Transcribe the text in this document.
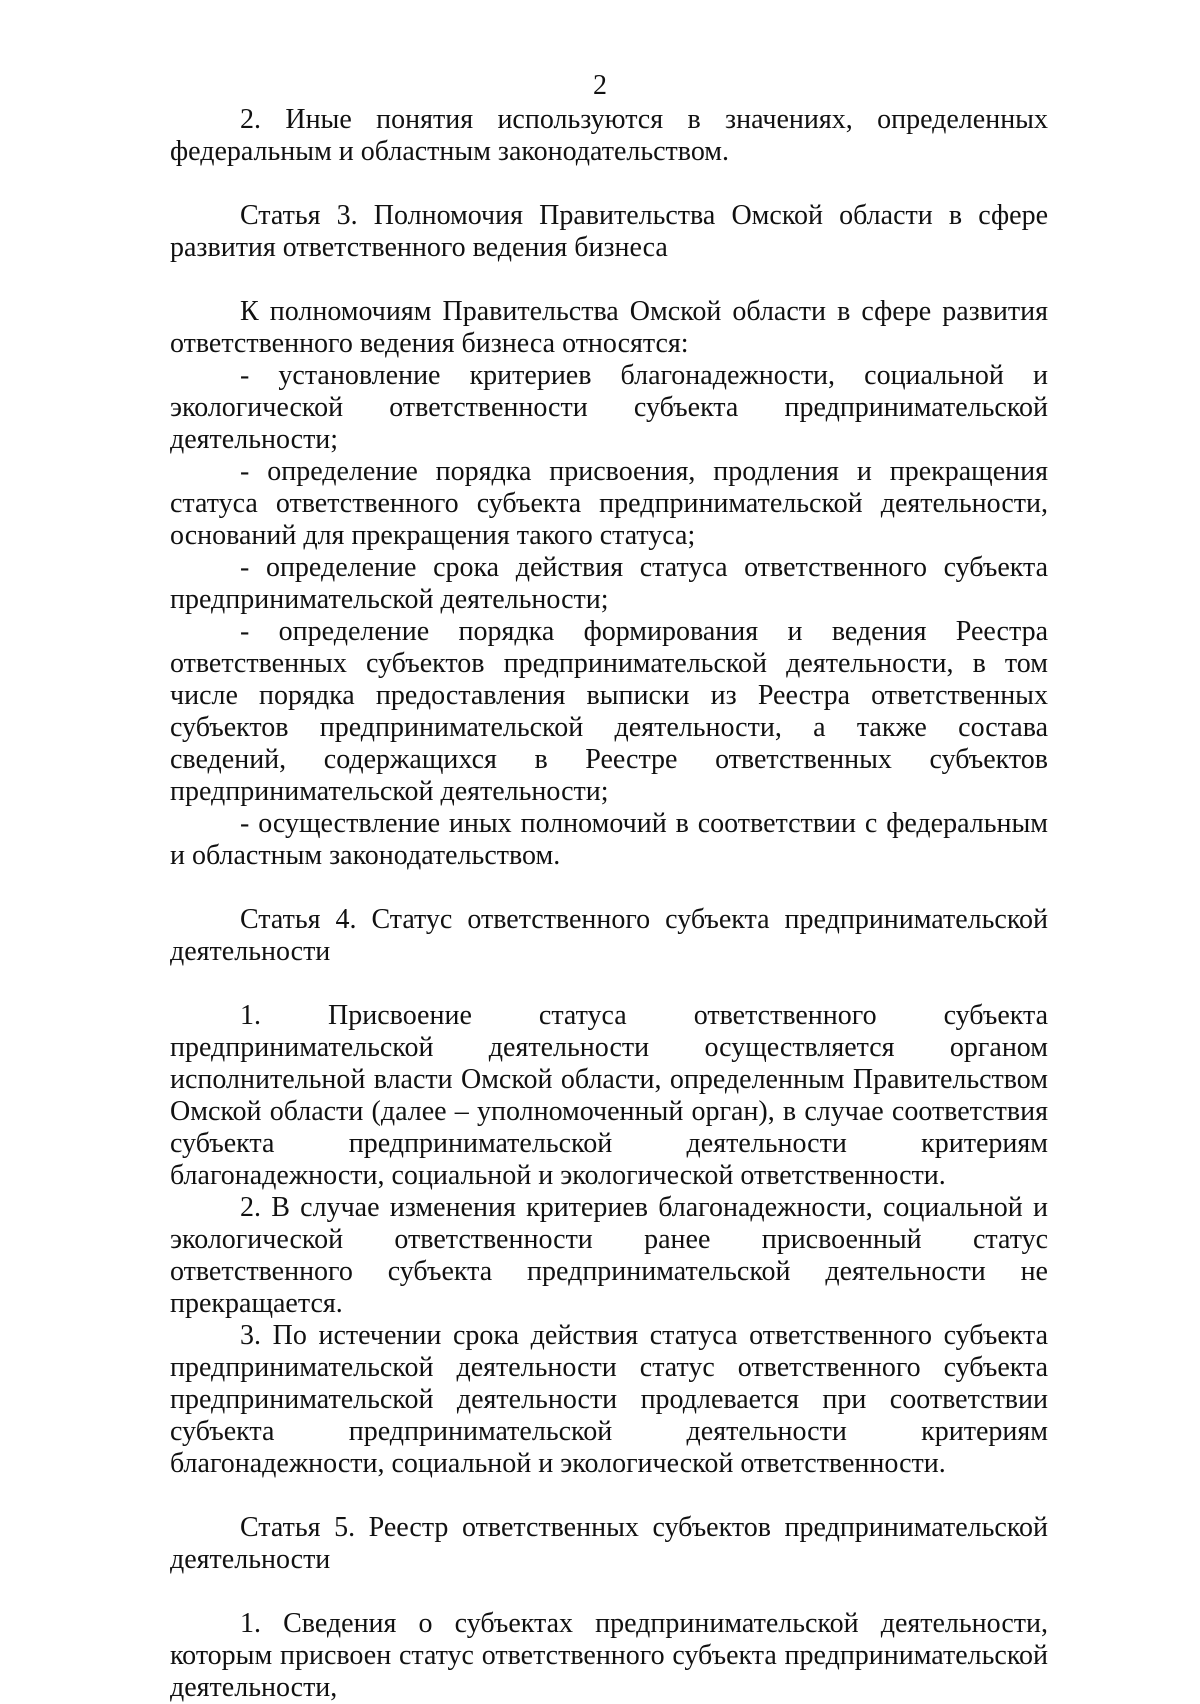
2

2. Иные понятия используются в значениях, определенных федеральным и областным законодательством.

Статья 3. Полномочия Правительства Омской области в сфере развития ответственного ведения бизнеса

К полномочиям Правительства Омской области в сфере развития ответственного ведения бизнеса относятся:

- установление критериев благонадежности, социальной и экологической ответственности субъекта предпринимательской деятельности;

- определение порядка присвоения, продления и прекращения статуса ответственного субъекта предпринимательской деятельности, оснований для прекращения такого статуса;

- определение срока действия статуса ответственного субъекта предпринимательской деятельности;

- определение порядка формирования и ведения Реестра ответственных субъектов предпринимательской деятельности, в том числе порядка предоставления выписки из Реестра ответственных субъектов предпринимательской деятельности, а также состава сведений, содержащихся в Реестре ответственных субъектов предпринимательской деятельности;

- осуществление иных полномочий в соответствии с федеральным и областным законодательством.

Статья 4. Статус ответственного субъекта предпринимательской деятельности

1. Присвоение статуса ответственного субъекта предпринимательской деятельности осуществляется органом исполнительной власти Омской области, определенным Правительством Омской области (далее – уполномоченный орган), в случае соответствия субъекта предпринимательской деятельности критериям благонадежности, социальной и экологической ответственности.

2. В случае изменения критериев благонадежности, социальной и экологической ответственности ранее присвоенный статус ответственного субъекта предпринимательской деятельности не прекращается.

3. По истечении срока действия статуса ответственного субъекта предпринимательской деятельности статус ответственного субъекта предпринимательской деятельности продлевается при соответствии субъекта предпринимательской деятельности критериям благонадежности, социальной и экологической ответственности.

Статья 5. Реестр ответственных субъектов предпринимательской деятельности

1. Сведения о субъектах предпринимательской деятельности, которым присвоен статус ответственного субъекта предпринимательской деятельности,
